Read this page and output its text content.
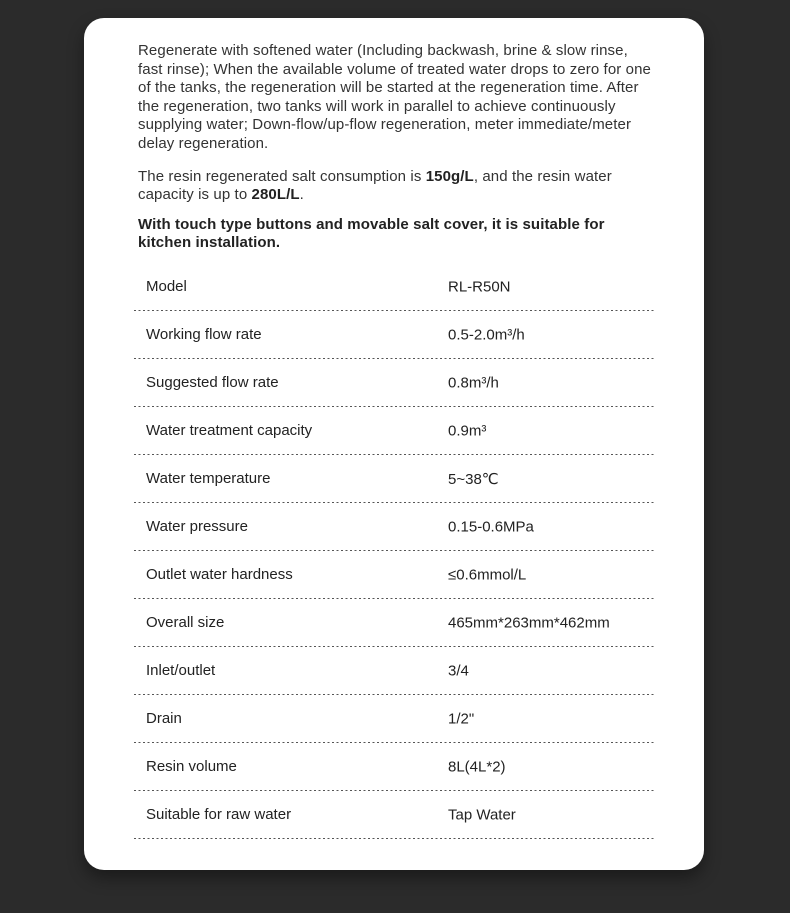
Regenerate with softened water (Including backwash, brine & slow rinse, fast rinse); When the available volume of treated water drops to zero for one of the tanks, the regeneration will be started at the regeneration time. After the regeneration, two tanks will work in parallel to achieve continuously supplying water; Down-flow/up-flow regeneration, meter immediate/meter delay regeneration.

The resin regenerated salt consumption is 150g/L, and the resin water capacity is up to 280L/L.

With touch type buttons and movable salt cover, it is suitable for kitchen installation.

Model	RL-R50N
Working flow rate	0.5-2.0m³/h
Suggested flow rate	0.8m³/h
Water treatment capacity	0.9m³
Water temperature	5~38℃
Water pressure	0.15-0.6MPa
Outlet water hardness	≤0.6mmol/L
Overall size	465mm*263mm*462mm
Inlet/outlet	3/4
Drain	1/2"
Resin volume	8L(4L*2)
Suitable for raw water	Tap Water
